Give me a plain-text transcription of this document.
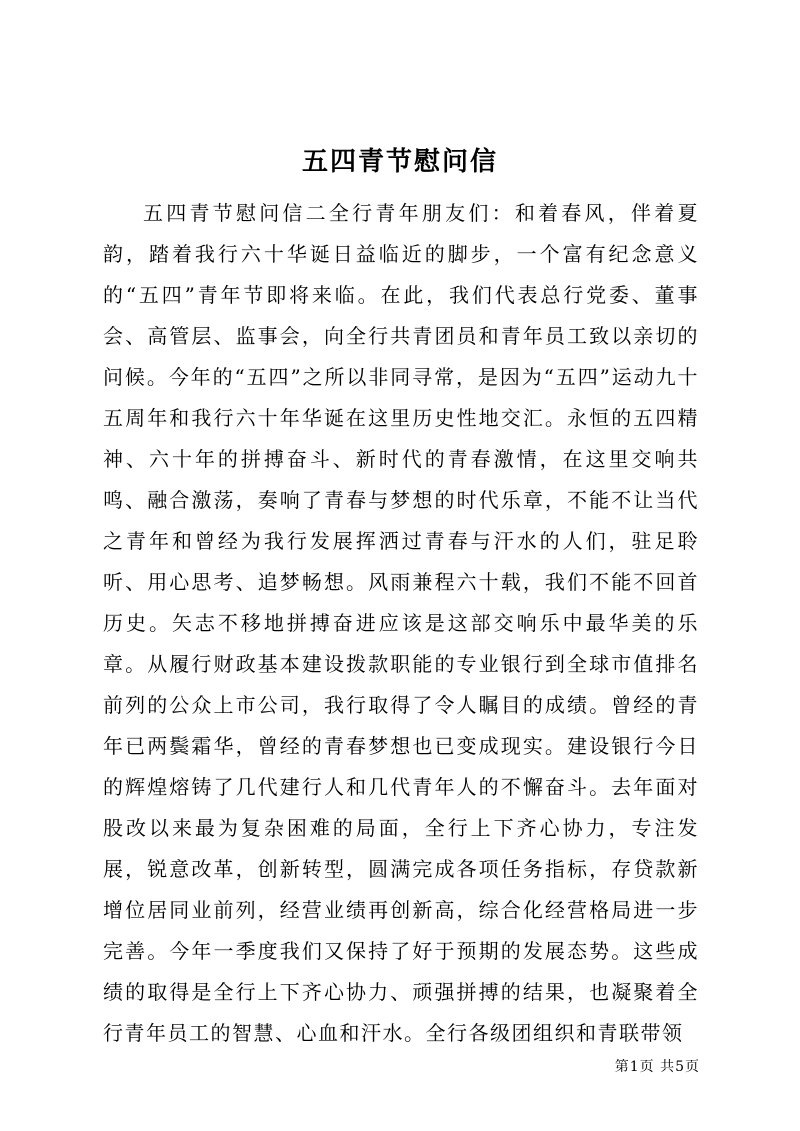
五四青节慰问信

五四青节慰问信二全行青年朋友们：和着春风，伴着夏韵，踏着我行六十华诞日益临近的脚步，一个富有纪念意义的“五四”青年节即将来临。在此，我们代表总行党委、董事会、高管层、监事会，向全行共青团员和青年员工致以亲切的问候。今年的“五四”之所以非同寻常，是因为“五四”运动九十五周年和我行六十年华诞在这里历史性地交汇。永恒的五四精神、六十年的拼搏奋斗、新时代的青春激情，在这里交响共鸣、融合激荡，奏响了青春与梦想的时代乐章，不能不让当代之青年和曾经为我行发展挥洒过青春与汗水的人们，驻足聆听、用心思考、追梦畅想。风雨兼程六十载，我们不能不回首历史。矢志不移地拼搏奋进应该是这部交响乐中最华美的乐章。从履行财政基本建设拨款职能的专业银行到全球市值排名前列的公众上市公司，我行取得了令人瞩目的成绩。曾经的青年已两鬓霜华，曾经的青春梦想也已变成现实。建设银行今日的辉煌熔铸了几代建行人和几代青年人的不懈奋斗。去年面对股改以来最为复杂困难的局面，全行上下齐心协力，专注发展，锐意改革，创新转型，圆满完成各项任务指标，存贷款新增位居同业前列，经营业绩再创新高，综合化经营格局进一步完善。今年一季度我们又保持了好于预期的发展态势。这些成绩的取得是全行上下齐心协力、顽强拼搏的结果，也凝聚着全行青年员工的智慧、心血和汗水。全行各级团组织和青联带领

第1页 共5页
